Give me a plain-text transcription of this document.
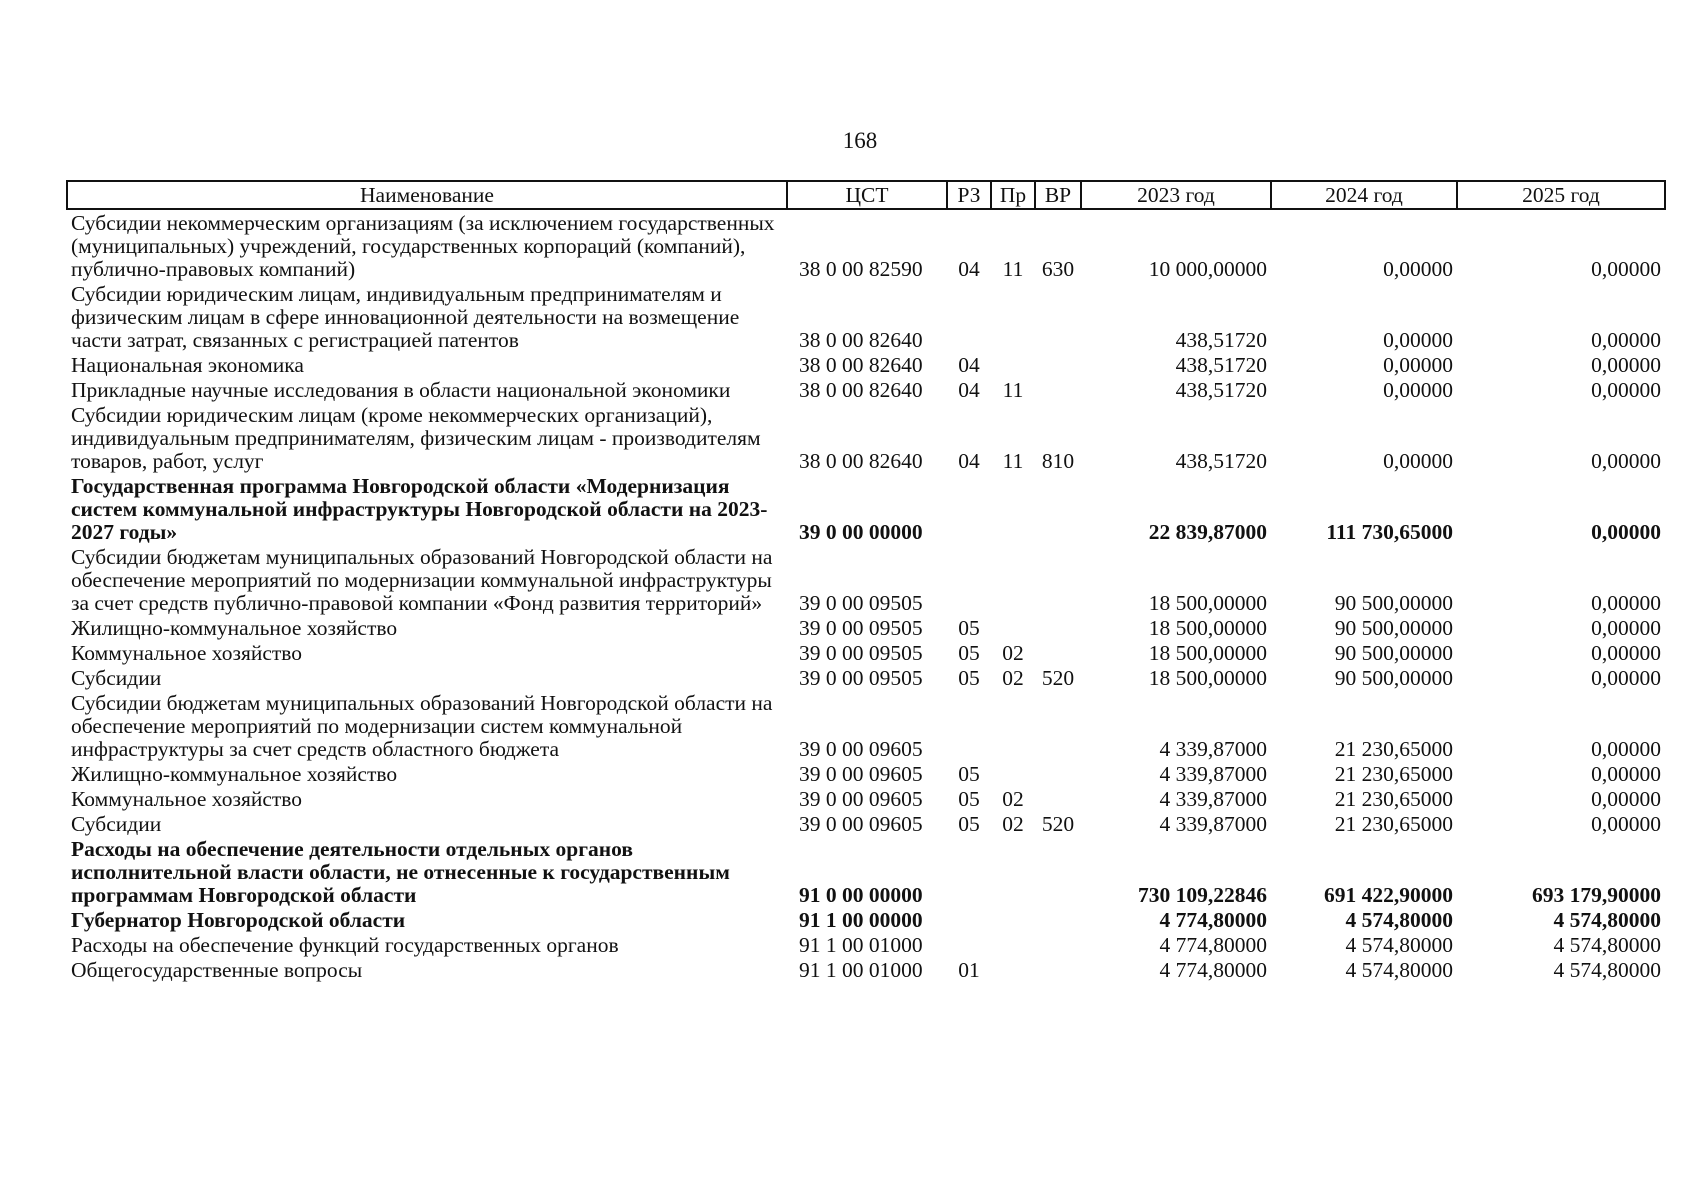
168
Наименование	ЦСТ	РЗ	Пр	ВР	2023 год	2024 год	2025 год
Субсидии некоммерческим организациям (за исключением государственных (муниципальных) учреждений, государственных корпораций (компаний), публично-правовых компаний)	38 0 00 82590	04	11	630	10 000,00000	0,00000	0,00000
Субсидии юридическим лицам, индивидуальным предпринимателям и физическим лицам в сфере инновационной деятельности на возмещение части затрат, связанных с регистрацией патентов	38 0 00 82640				438,51720	0,00000	0,00000
Национальная экономика	38 0 00 82640	04			438,51720	0,00000	0,00000
Прикладные научные исследования в области национальной экономики	38 0 00 82640	04	11		438,51720	0,00000	0,00000
Субсидии юридическим лицам (кроме некоммерческих организаций), индивидуальным предпринимателям, физическим лицам - производителям товаров, работ, услуг	38 0 00 82640	04	11	810	438,51720	0,00000	0,00000
Государственная программа Новгородской области «Модернизация систем коммунальной инфраструктуры Новгородской области на 2023-2027 годы»	39 0 00 00000				22 839,87000	111 730,65000	0,00000
Субсидии бюджетам муниципальных образований Новгородской области на обеспечение мероприятий по модернизации коммунальной инфраструктуры за счет средств публично-правовой компании «Фонд развития территорий»	39 0 00 09505				18 500,00000	90 500,00000	0,00000
Жилищно-коммунальное хозяйство	39 0 00 09505	05			18 500,00000	90 500,00000	0,00000
Коммунальное хозяйство	39 0 00 09505	05	02		18 500,00000	90 500,00000	0,00000
Субсидии	39 0 00 09505	05	02	520	18 500,00000	90 500,00000	0,00000
Субсидии бюджетам муниципальных образований Новгородской области на обеспечение мероприятий по модернизации систем коммунальной инфраструктуры за счет средств областного бюджета	39 0 00 09605				4 339,87000	21 230,65000	0,00000
Жилищно-коммунальное хозяйство	39 0 00 09605	05			4 339,87000	21 230,65000	0,00000
Коммунальное хозяйство	39 0 00 09605	05	02		4 339,87000	21 230,65000	0,00000
Субсидии	39 0 00 09605	05	02	520	4 339,87000	21 230,65000	0,00000
Расходы на обеспечение деятельности отдельных органов исполнительной власти области, не отнесенные к государственным программам Новгородской области	91 0 00 00000				730 109,22846	691 422,90000	693 179,90000
Губернатор Новгородской области	91 1 00 00000				4 774,80000	4 574,80000	4 574,80000
Расходы на обеспечение функций государственных органов	91 1 00 01000				4 774,80000	4 574,80000	4 574,80000
Общегосударственные вопросы	91 1 00 01000	01			4 774,80000	4 574,80000	4 574,80000
